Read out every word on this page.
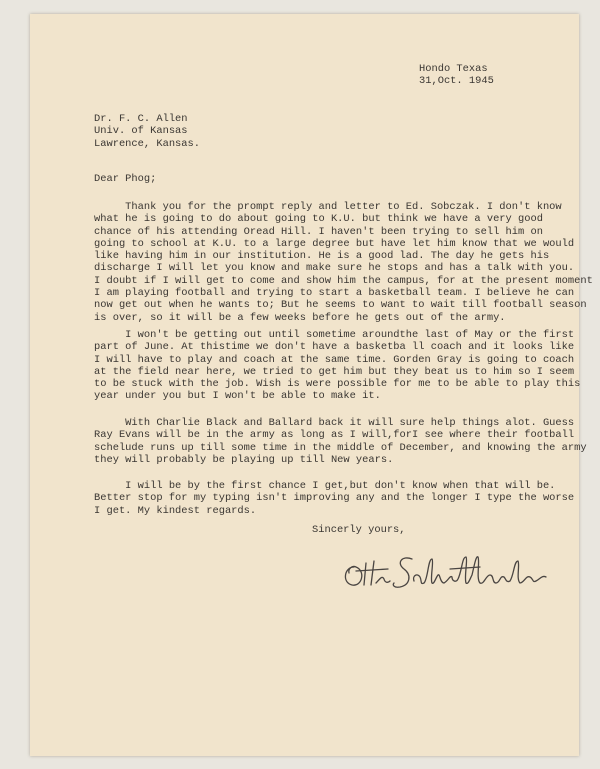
Hondo Texas
31,Oct. 1945
Dr. F. C. Allen
Univ. of Kansas
Lawrence, Kansas.
Dear Phog;
Thank you for the prompt reply and letter to Ed. Sobczak. I don't know
what he is going to do about going to K.U. but think we have a very good
chance of his attending Oread Hill. I haven't been trying to sell him on
going to school at K.U. to a large degree but have let him know that we would
like having him in our institution. He is a good lad. The day he gets his
discharge I will let you know and make sure he stops and has a talk with you.
I doubt if I will get to come and show him the campus, for at the present moment
I am playing football and trying to start a basketball team. I believe he can
now get out when he wants to; But he seems to want to wait till football season
is over, so it will be a few weeks before he gets out of the army.
I won't be getting out until sometime aroundthe last of May or the first
part of June. At thistime we don't have a basketba ll coach and it looks like
I will have to play and coach at the same time. Gorden Gray is going to coach
at the field near here, we tried to get him but they beat us to him so I seem
to be stuck with the job. Wish is were possible for me to be able to play this
year under you but I won't be able to make it.
With Charlie Black and Ballard back it will sure help things alot. Guess
Ray Evans will be in the army as long as I will,forI see where their football
schelude runs up till some time in the middle of December, and knowing the army
they will probably be playing up till New years.
I will be by the first chance I get,but don't know when that will be.
Better stop for my typing isn't improving any and the longer I type the worse
I get. My kindest regards.
Sincerly yours,
